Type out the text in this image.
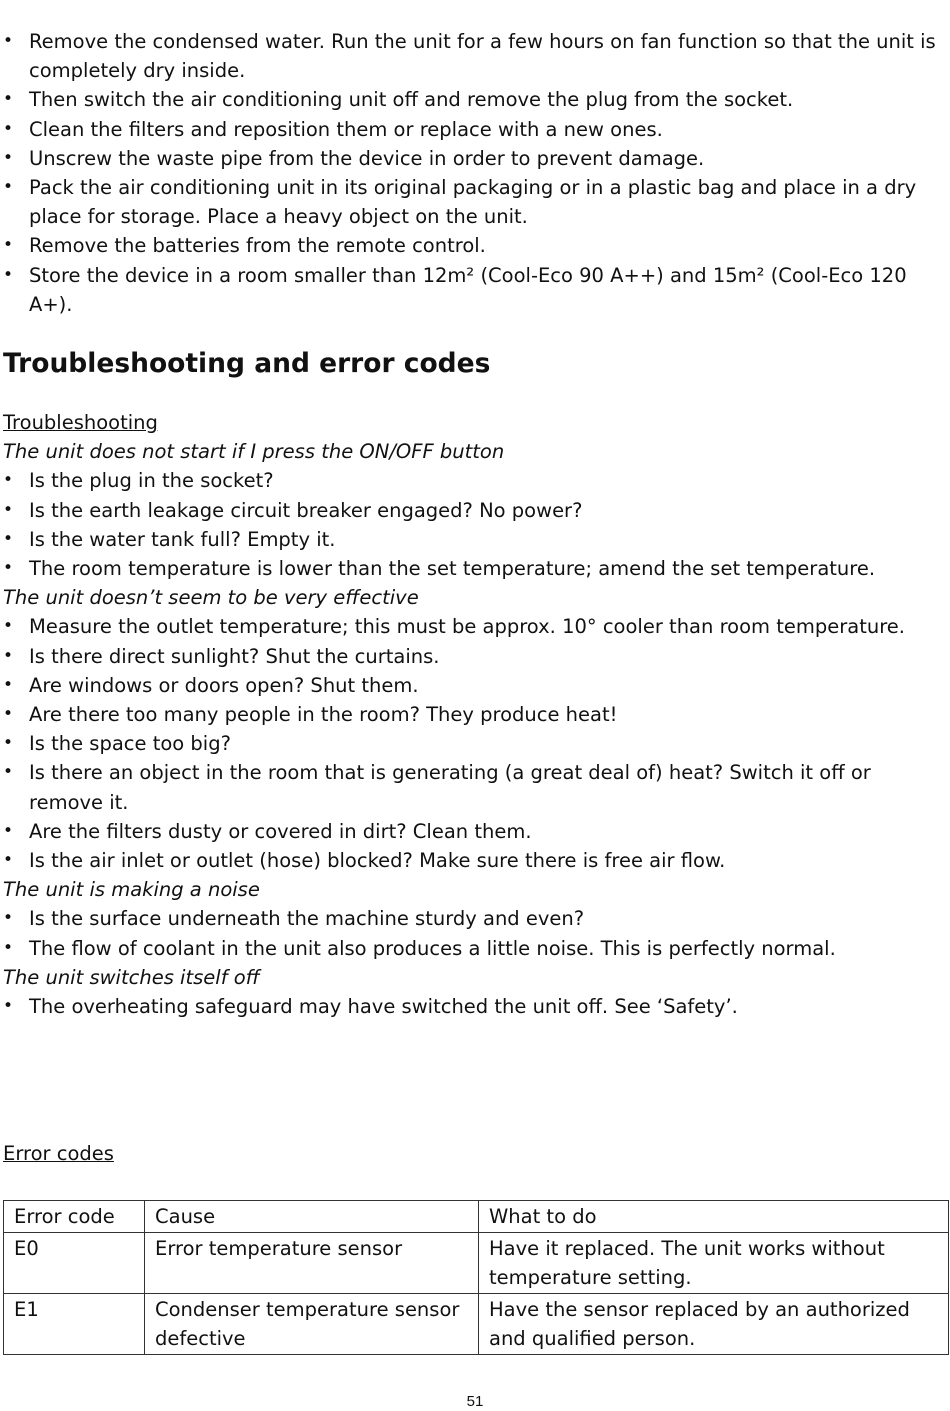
• Remove the condensed water. Run the unit for a few hours on fan function so that the unit is completely dry inside.
• Then switch the air conditioning unit off and remove the plug from the socket.
• Clean the filters and reposition them or replace with a new ones.
• Unscrew the waste pipe from the device in order to prevent damage.
• Pack the air conditioning unit in its original packaging or in a plastic bag and place in a dry place for storage. Place a heavy object on the unit.
• Remove the batteries from the remote control.
• Store the device in a room smaller than 12m² (Cool-Eco 90 A++) and 15m² (Cool-Eco 120 A+).
Troubleshooting and error codes
Troubleshooting
The unit does not start if I press the ON/OFF button
• Is the plug in the socket?
• Is the earth leakage circuit breaker engaged? No power?
• Is the water tank full? Empty it.
• The room temperature is lower than the set temperature; amend the set temperature.
The unit doesn’t seem to be very effective
• Measure the outlet temperature; this must be approx. 10° cooler than room temperature.
• Is there direct sunlight? Shut the curtains.
• Are windows or doors open? Shut them.
• Are there too many people in the room? They produce heat!
• Is the space too big?
• Is there an object in the room that is generating (a great deal of) heat? Switch it off or remove it.
• Are the filters dusty or covered in dirt? Clean them.
• Is the air inlet or outlet (hose) blocked? Make sure there is free air flow.
The unit is making a noise
• Is the surface underneath the machine sturdy and even?
• The flow of coolant in the unit also produces a little noise. This is perfectly normal.
The unit switches itself off
• The overheating safeguard may have switched the unit off. See ‘Safety’.
Error codes
Error code	Cause	What to do
E0	Error temperature sensor	Have it replaced. The unit works without temperature setting.
E1	Condenser temperature sensor defective	Have the sensor replaced by an authorized and qualified person.
51
